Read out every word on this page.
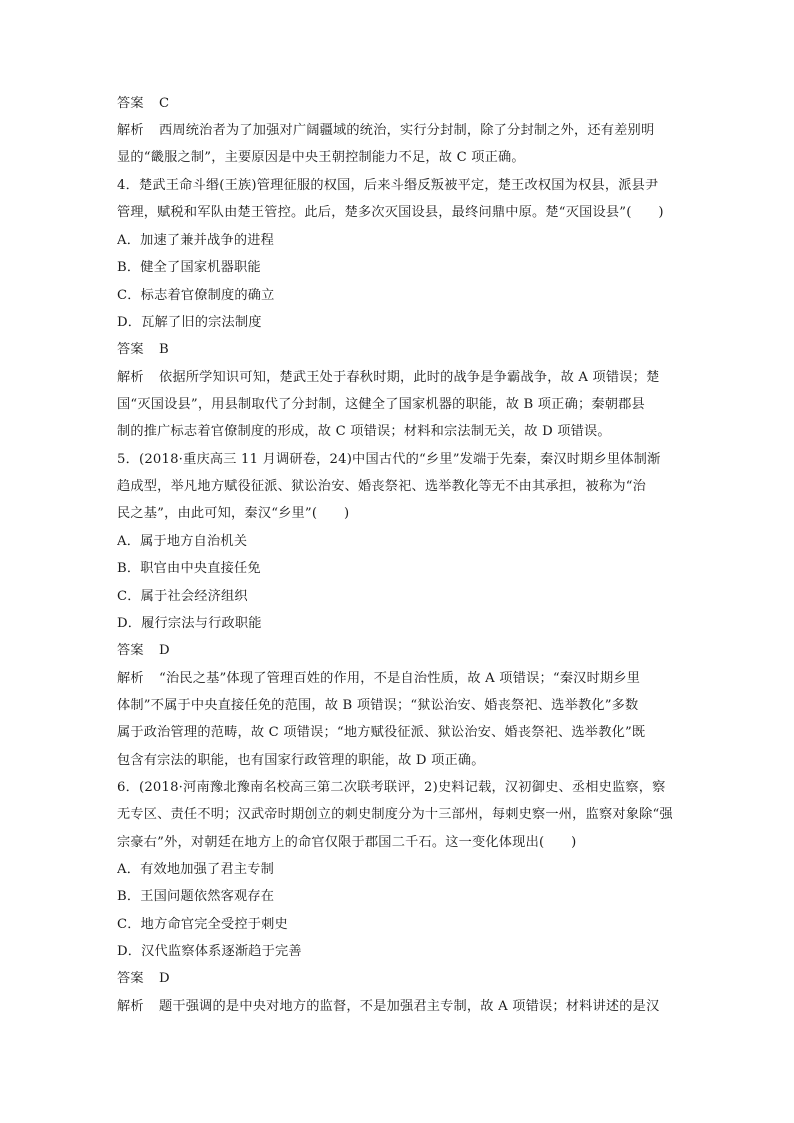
答案 C
解析 西周统治者为了加强对广阔疆域的统治，实行分封制，除了分封制之外，还有差别明
显的“畿服之制”，主要原因是中央王朝控制能力不足，故 C 项正确。
4．楚武王命斗缗(王族)管理征服的权国，后来斗缗反叛被平定，楚王改权国为权县，派县尹
管理，赋税和军队由楚王管控。此后，楚多次灭国设县，最终问鼎中原。楚“灭国设县”(　　)
A．加速了兼并战争的进程
B．健全了国家机器职能
C．标志着官僚制度的确立
D．瓦解了旧的宗法制度
答案 B
解析 依据所学知识可知，楚武王处于春秋时期，此时的战争是争霸战争，故 A 项错误；楚
国“灭国设县”，用县制取代了分封制，这健全了国家机器的职能，故 B 项正确；秦朝郡县
制的推广标志着官僚制度的形成，故 C 项错误；材料和宗法制无关，故 D 项错误。
5．(2018·重庆高三 11 月调研卷，24)中国古代的“乡里”发端于先秦，秦汉时期乡里体制渐
趋成型，举凡地方赋役征派、狱讼治安、婚丧祭祀、选举教化等无不由其承担，被称为“治
民之基”，由此可知，秦汉“乡里”(　　)
A．属于地方自治机关
B．职官由中央直接任免
C．属于社会经济组织
D．履行宗法与行政职能
答案 D
解析 “治民之基”体现了管理百姓的作用，不是自治性质，故 A 项错误；“秦汉时期乡里
体制”不属于中央直接任免的范围，故 B 项错误；“狱讼治安、婚丧祭祀、选举教化”多数
属于政治管理的范畴，故 C 项错误；“地方赋役征派、狱讼治安、婚丧祭祀、选举教化”既
包含有宗法的职能，也有国家行政管理的职能，故 D 项正确。
6．(2018·河南豫北豫南名校高三第二次联考联评，2)史料记载，汉初御史、丞相史监察，察
无专区、责任不明；汉武帝时期创立的刺史制度分为十三部州，每刺史察一州，监察对象除“强
宗豪右”外，对朝廷在地方上的命官仅限于郡国二千石。这一变化体现出(　　)
A．有效地加强了君主专制
B．王国问题依然客观存在
C．地方命官完全受控于刺史
D．汉代监察体系逐渐趋于完善
答案 D
解析 题干强调的是中央对地方的监督，不是加强君主专制，故 A 项错误；材料讲述的是汉
